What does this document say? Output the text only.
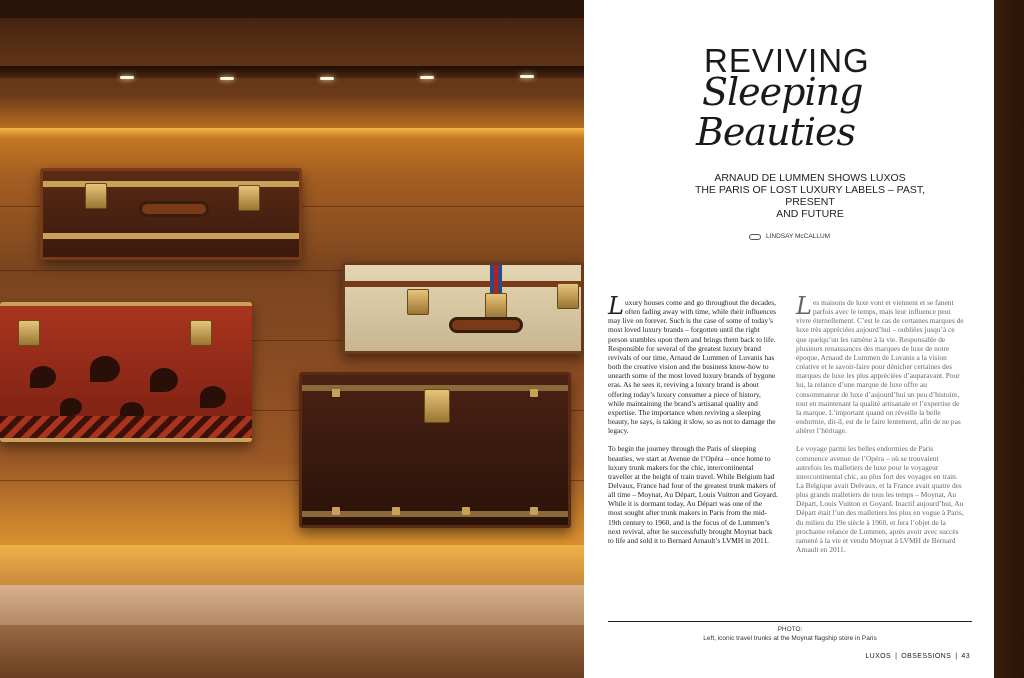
REVIVING
Sleeping
Beauties
ARNAUD DE LUMMEN SHOWS LUXOS
THE PARIS OF LOST LUXURY LABELS – PAST, PRESENT
AND FUTURE
LINDSAY McCALLUM

Luxury houses come and go throughout the decades, often fading away with time, while their influences may live on forever. Such is the case of some of today’s most loved luxury brands – forgotten until the right person stumbles upon them and brings them back to life. Responsible for several of the greatest luxury brand revivals of our time, Arnaud de Lummen of Luvanis has both the creative vision and the business know-how to unearth some of the most loved luxury brands of bygone eras. As he sees it, reviving a luxury brand is about offering today’s luxury consumer a piece of history, while maintaining the brand’s artisanal quality and expertise. The importance when reviving a sleeping beauty, he says, is taking it slow, so as not to damage the legacy.

To begin the journey through the Paris of sleeping beauties, we start at Avenue de l’Opéra – once home to luxury trunk makers for the chic, intercontinental traveller at the height of train travel. While Belgium had Delvaux, France had four of the greatest trunk makers of all time – Moynat, Au Départ, Louis Vuitton and Goyard. While it is dormant today, Au Départ was one of the most sought after trunk makers in Paris from the mid-19th century to 1960, and is the focus of de Lummen’s next revival, after he successfully brought Moynat back to life and sold it to Bernard Arnault’s LVMH in 2011.

Les maisons de luxe vont et viennent et se fanent parfois avec le temps, mais leur influence peut vivre éternellement. C’est le cas de certaines marques de luxe très appréciées aujourd’hui – oubliées jusqu’à ce que quelqu’un les ramène à la vie. Responsable de plusieurs renaissances des marques de luxe de notre époque, Arnaud de Lummen de Luvanis a la vision créative et le savoir-faire pour dénicher certaines des marques de luxe les plus appréciées d’auparavant. Pour lui, la relance d’une marque de luxe offre au consommateur de luxe d’aujourd’hui un peu d’histoire, tout en maintenant la qualité artisanale et l’expertise de la marque. L’important quand on réveille la belle endormie, dit-il, est de le faire lentement, afin de ne pas altérer l’héritage.

Le voyage parmi les belles endormies de Paris commence avenue de l’Opéra – où se trouvaient autrefois les malletiers de luxe pour le voyageur intercontinental chic, au plus fort des voyages en train. La Belgique avait Delvaux, et la France avait quatre des plus grands malletiers de tous les temps – Moynat, Au Départ, Louis Vuitton et Goyard. Inactif aujourd’hui, Au Départ était l’un des malletiers les plus en vogue à Paris, du milieu du 19e siècle à 1960, et fera l’objet de la prochaine relance de Lummen, après avoir avec succès ramené à la vie et vendu Moynat à LVMH de Bernard Arnault en 2011.

PHOTO:
Left, iconic travel trunks at the Moynat flagship store in Paris
LUXOS | OBSESSIONS | 43
